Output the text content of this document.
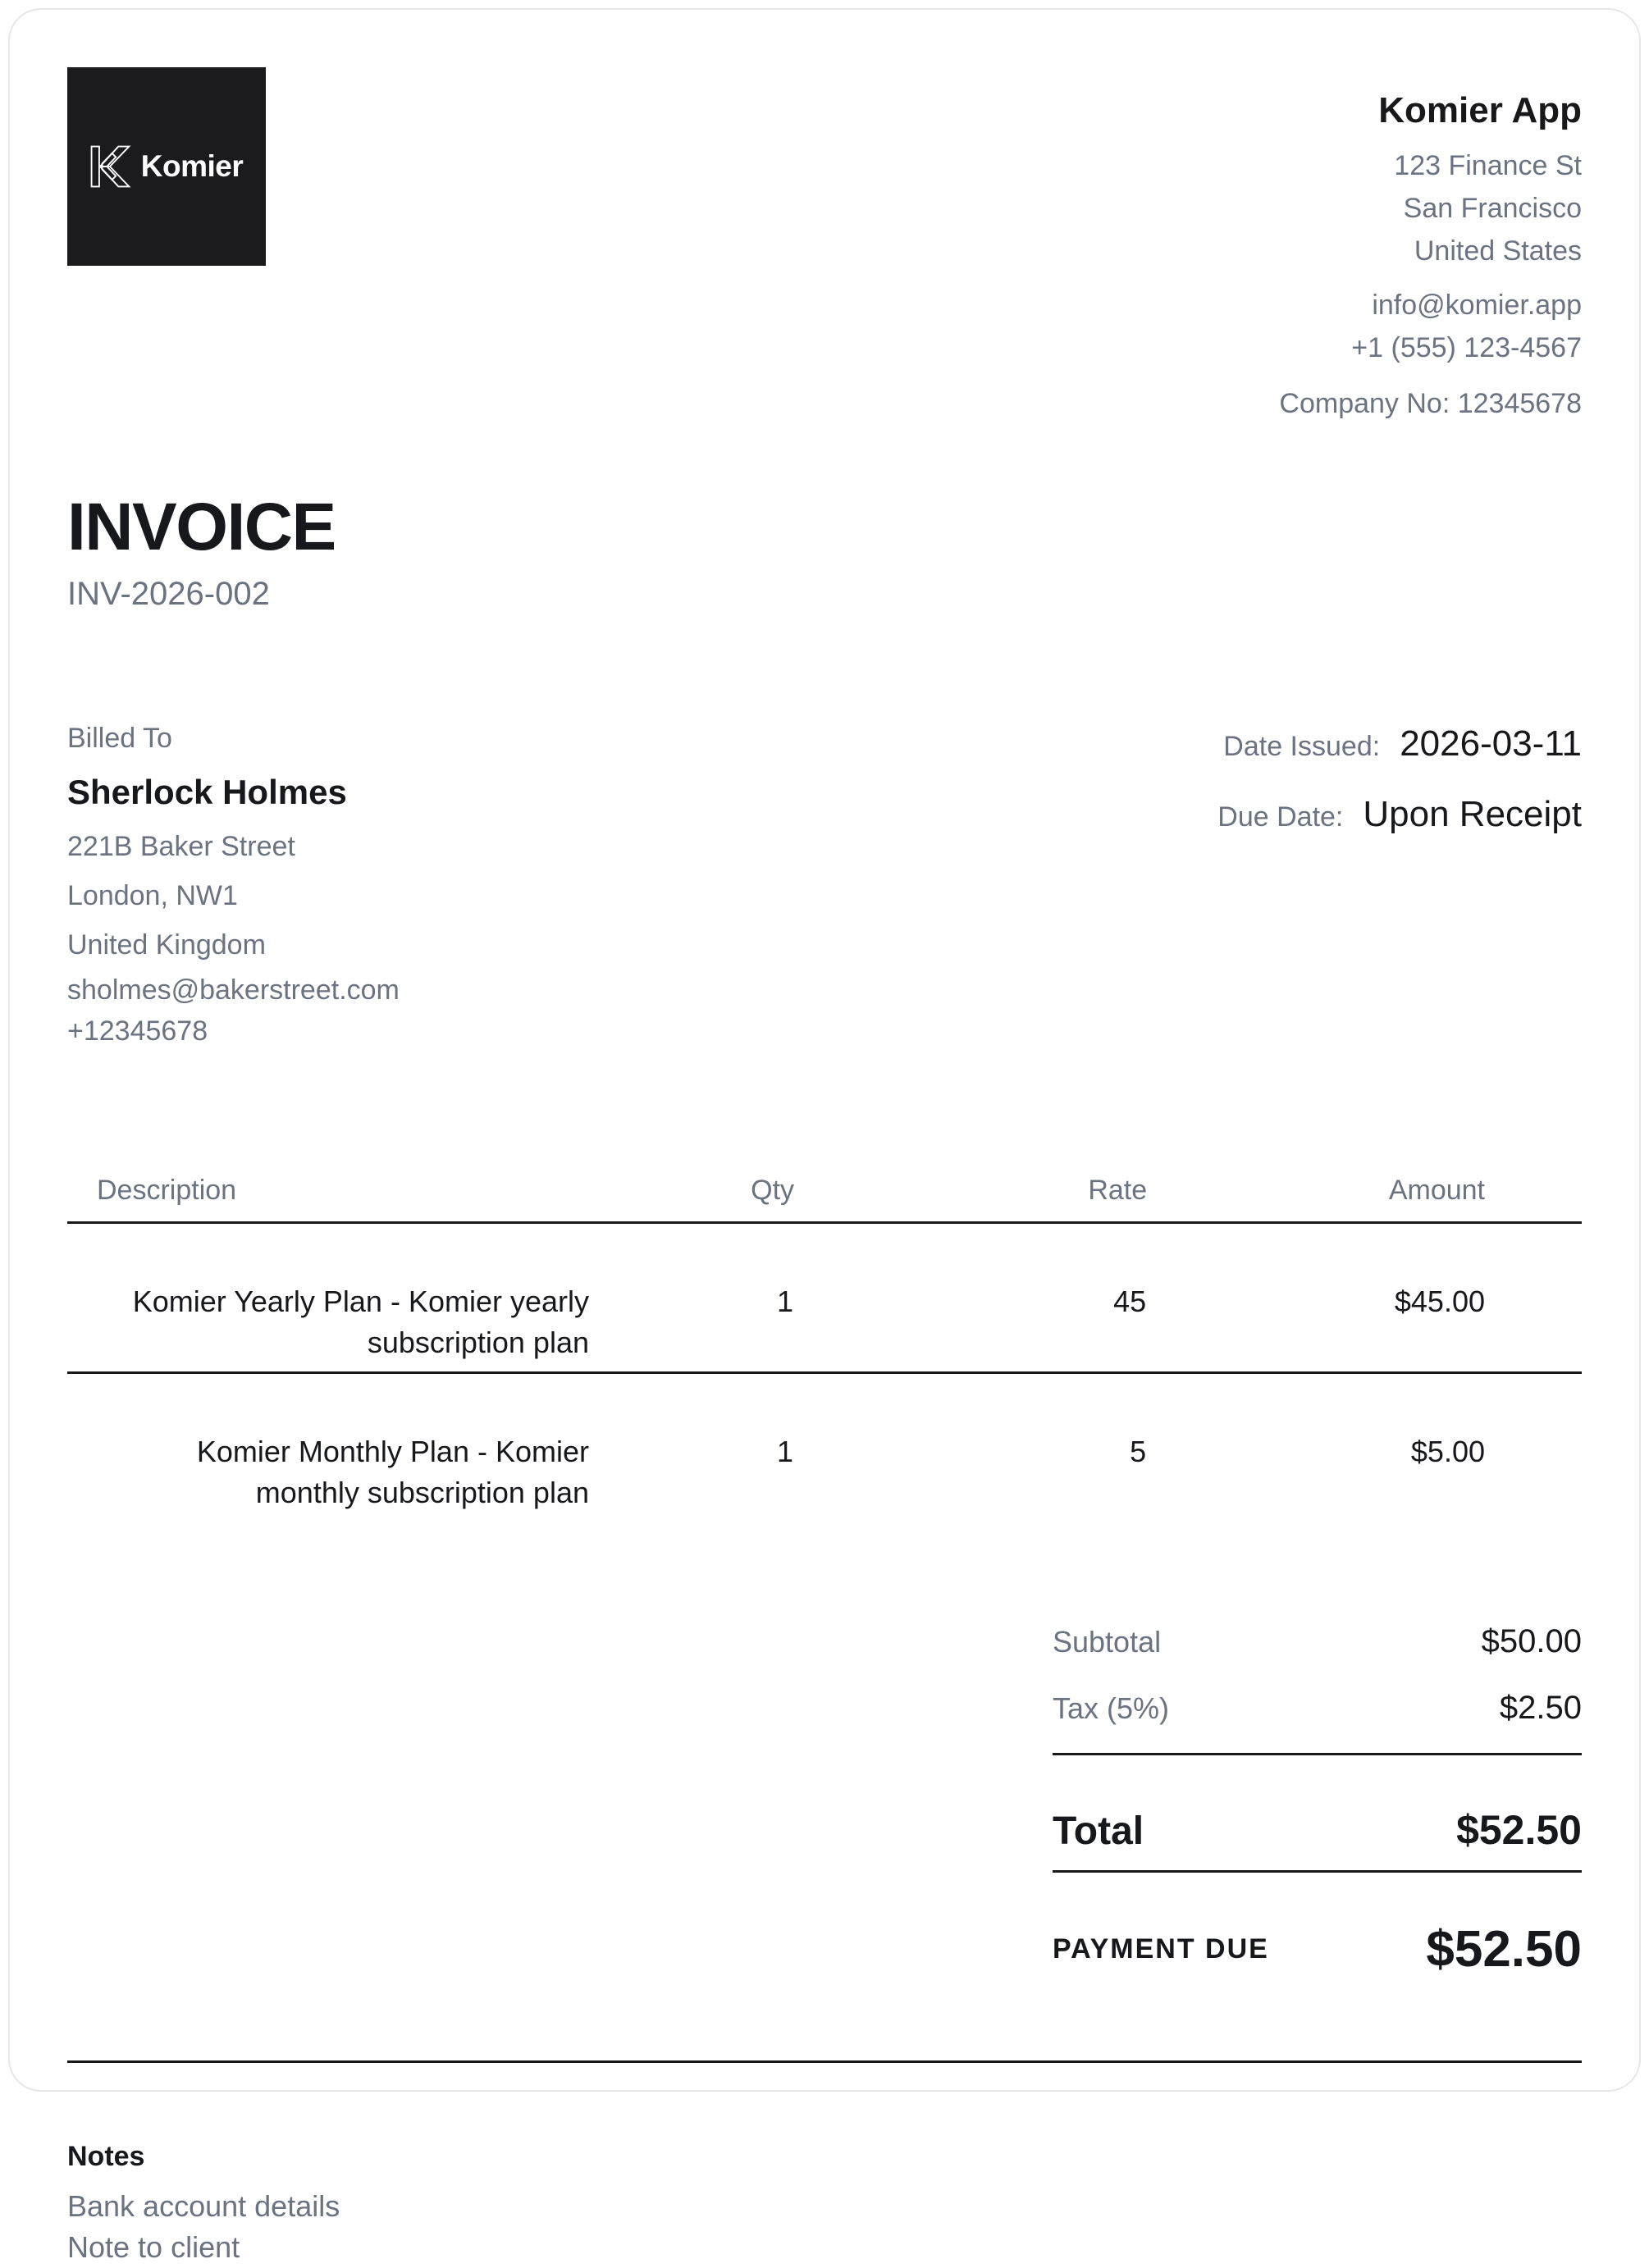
Komier
Komier App
123 Finance St
San Francisco
United States
info@komier.app
+1 (555) 123-4567
Company No: 12345678
INVOICE
INV-2026-002
Billed To
Sherlock Holmes
221B Baker Street
London, NW1
United Kingdom
sholmes@bakerstreet.com
+12345678
Date Issued: 2026-03-11
Due Date: Upon Receipt
Description	Qty	Rate	Amount

Komier Yearly Plan - Komier yearly subscription plan	1	45	$45.00

Komier Monthly Plan - Komier monthly subscription plan	1	5	$5.00
Subtotal	$50.00
Tax (5%)	$2.50
Total	$52.50
PAYMENT DUE	$52.50
Notes
Bank account details
Note to client
